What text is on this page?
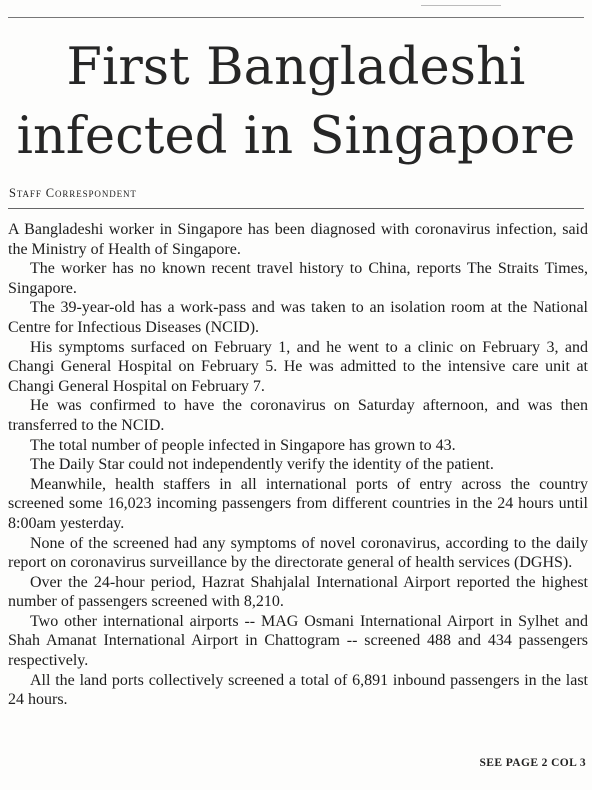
First Bangladeshi
infected in Singapore
Staff Correspondent

A Bangladeshi worker in Singapore has been diagnosed with coronavirus infection, said the Ministry of Health of Singapore.

The worker has no known recent travel history to China, reports The Straits Times, Singapore.

The 39-year-old has a work-pass and was taken to an isolation room at the National Centre for Infectious Diseases (NCID).

His symptoms surfaced on February 1, and he went to a clinic on February 3, and Changi General Hospital on February 5. He was admitted to the intensive care unit at Changi General Hospital on February 7.

He was confirmed to have the coronavirus on Saturday afternoon, and was then transferred to the NCID.

The total number of people infected in Singapore has grown to 43.

The Daily Star could not independently verify the identity of the patient.

Meanwhile, health staffers in all international ports of entry across the country screened some 16,023 incoming passengers from different countries in the 24 hours until 8:00am yesterday.

None of the screened had any symptoms of novel coronavirus, according to the daily report on coronavirus surveillance by the directorate general of health services (DGHS).

Over the 24-hour period, Hazrat Shahjalal International Airport reported the highest number of passengers screened with 8,210.

Two other international airports -- MAG Osmani International Airport in Sylhet and Shah Amanat International Airport in Chattogram -- screened 488 and 434 passengers respectively.

All the land ports collectively screened a total of 6,891 inbound passengers in the last 24 hours.

SEE PAGE 2 COL 3
